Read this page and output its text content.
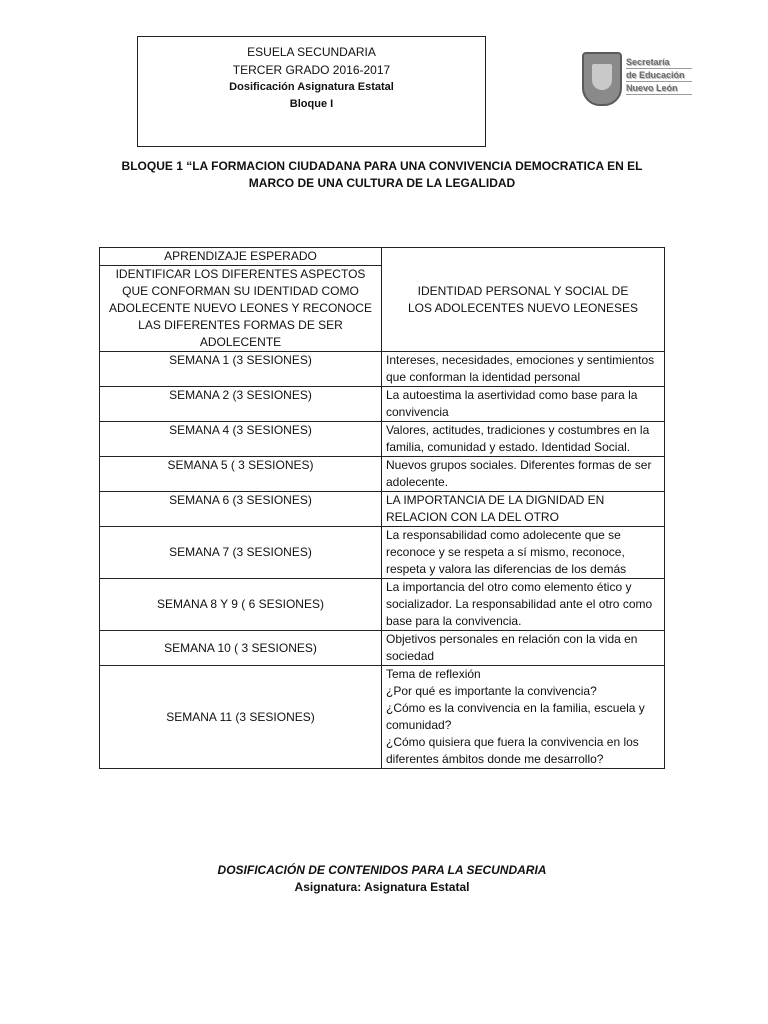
ESUELA SECUNDARIA
TERCER GRADO 2016-2017
Dosificación Asignatura Estatal
Bloque I
Secretaría
de Educación
Nuevo León
BLOQUE 1 “LA FORMACION CIUDADANA PARA UNA CONVIVENCIA DEMOCRATICA EN EL MARCO DE UNA CULTURA DE LA LEGALIDAD
APRENDIZAJE ESPERADO
IDENTIFICAR LOS DIFERENTES ASPECTOS QUE CONFORMAN SU IDENTIDAD COMO ADOLECENTE NUEVO LEONES Y RECONOCE LAS DIFERENTES FORMAS DE SER ADOLECENTE	IDENTIDAD PERSONAL Y SOCIAL DE LOS ADOLECENTES NUEVO LEONESES
SEMANA 1 (3 SESIONES)	Intereses, necesidades, emociones y sentimientos que conforman la identidad personal
SEMANA 2 (3 SESIONES)	La autoestima la asertividad como base para la convivencia
SEMANA 4 (3 SESIONES)	Valores, actitudes, tradiciones y costumbres en la familia, comunidad y estado. Identidad Social.
SEMANA 5 ( 3 SESIONES)	Nuevos grupos sociales. Diferentes formas de ser adolecente.
SEMANA 6 (3 SESIONES)	LA IMPORTANCIA DE LA DIGNIDAD EN RELACION CON LA DEL OTRO
SEMANA 7 (3 SESIONES)	La responsabilidad como adolecente que se reconoce y se respeta a sí mismo, reconoce, respeta y valora las diferencias de los demás
SEMANA 8 Y 9 ( 6 SESIONES)	La importancia del otro como elemento ético y socializador. La responsabilidad ante el otro como base para la convivencia.
SEMANA 10 ( 3 SESIONES)	Objetivos personales en relación con la vida en sociedad
SEMANA 11 (3 SESIONES)	Tema de reflexión
¿Por qué es importante la convivencia?
¿Cómo es la convivencia en la familia, escuela y comunidad?
¿Cómo quisiera que fuera la convivencia en los diferentes ámbitos donde me desarrollo?
DOSIFICACIÓN DE CONTENIDOS PARA LA SECUNDARIA
Asignatura: Asignatura Estatal
